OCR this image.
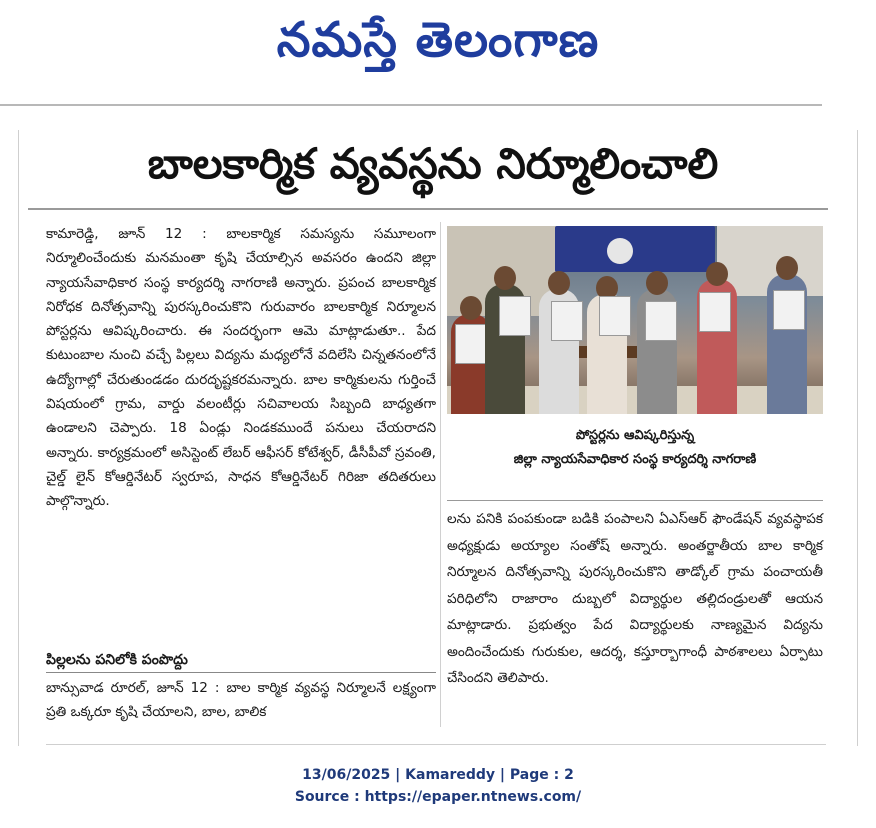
నమస్తే తెలంగాణ
బాలకార్మిక వ్యవస్థను నిర్మూలించాలి

కామారెడ్డి, జూన్ 12 : బాలకార్మిక సమస్యను సమూలంగా నిర్మూలించేందుకు మనమంతా కృషి చేయాల్సిన అవసరం ఉందని జిల్లా న్యాయసేవాధికార సంస్థ కార్యదర్శి నాగరాణి అన్నారు. ప్రపంచ బాలకార్మిక నిరోధక దినోత్సవాన్ని పురస్కరించుకొని గురువారం బాలకార్మిక నిర్మూలన పోస్టర్లను ఆవిష్కరించారు. ఈ సందర్భంగా ఆమె మాట్లాడుతూ.. పేద కుటుంబాల నుంచి వచ్చే పిల్లలు విద్యను మధ్యలోనే వదిలేసి చిన్నతనంలోనే ఉద్యోగాల్లో చేరుతుండడం దురదృష్టకరమన్నారు. బాల కార్మికులను గుర్తించే విషయంలో గ్రామ, వార్డు వలంటీర్లు సచివాలయ సిబ్బంది బాధ్యతగా ఉండాలని చెప్పారు. 18 ఏండ్లు నిండకముందే పనులు చేయరాదని అన్నారు. కార్యక్రమంలో అసిస్టెంట్ లేబర్ ఆఫీసర్ కోటేశ్వర్, డీసీపీవో స్రవంతి, చైల్డ్ లైన్ కోఆర్డినేటర్ స్వరూప, సాధన కోఆర్డినేటర్ గిరిజా తదితరులు పాల్గొన్నారు.

పిల్లలను పనిలోకి పంపొద్దు
బాన్సువాడ రూరల్, జూన్ 12 : బాల కార్మిక వ్యవస్థ నిర్మూలనే లక్ష్యంగా ప్రతి ఒక్కరూ కృషి చేయాలని, బాల, బాలిక
పోస్టర్లను ఆవిష్కరిస్తున్న
జిల్లా న్యాయసేవాధికార సంస్థ కార్యదర్శి నాగరాణి
లను పనికి పంపకుండా బడికి పంపాలని ఏఎస్ఆర్ ఫౌండేషన్ వ్యవస్థాపక అధ్యక్షుడు అయ్యాల సంతోష్ అన్నారు. అంతర్జాతీయ బాల కార్మిక నిర్మూలన దినోత్సవాన్ని పురస్కరించుకొని తాడ్కోల్ గ్రామ పంచాయతీ పరిధిలోని రాజారాం దుబ్బలో విద్యార్థుల తల్లిదండ్రులతో ఆయన మాట్లాడారు. ప్రభుత్వం పేద విద్యార్థులకు నాణ్యమైన విద్యను అందించేందుకు గురుకుల, ఆదర్శ, కస్తూర్బాగాంధీ పాఠశాలలు ఏర్పాటు చేసిందని తెలిపారు.
13/06/2025 | Kamareddy | Page : 2
Source : https://epaper.ntnews.com/
